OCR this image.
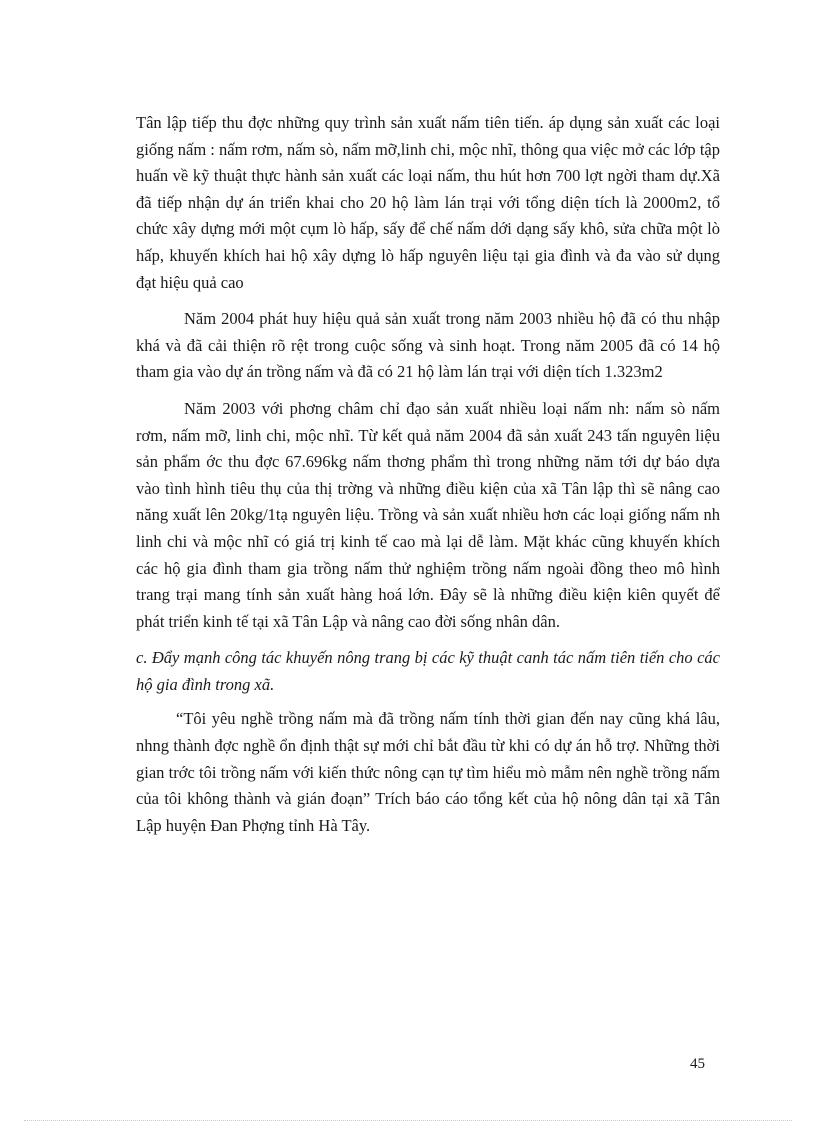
Tân lập tiếp thu đợc những quy trình sản xuất nấm tiên tiến. áp dụng sản xuất các loại giống nấm : nấm rơm, nấm sò, nấm mỡ,linh chi, mộc nhĩ, thông qua việc mở các lớp tập huấn về kỹ thuật thực hành sản xuất các loại nấm, thu hút hơn 700 lợt ngời tham dự.Xã đã tiếp nhận dự án triển khai cho 20 hộ làm lán trại với tổng diện tích là 2000m2, tổ chức xây dựng mới một cụm lò hấp, sấy để chế nấm dới dạng sấy khô, sửa chữa một lò hấp, khuyến khích hai hộ xây dựng lò hấp nguyên liệu tại gia đình và đa vào sử dụng đạt hiệu quả cao

Năm 2004 phát huy hiệu quả sản xuất trong năm 2003 nhiều hộ đã có thu nhập khá và đã cải thiện rõ rệt trong cuộc sống và sinh hoạt. Trong năm 2005 đã có 14 hộ tham gia vào dự án trồng nấm và đã có 21 hộ làm lán trại với diện tích 1.323m2

Năm 2003 với phơng châm chỉ đạo sản xuất nhiều loại nấm nh: nấm sò nấm rơm, nấm mỡ, linh chi, mộc nhĩ. Từ kết quả năm 2004 đã sản xuất 243 tấn nguyên liệu sản phẩm ớc thu đợc 67.696kg nấm thơng phẩm thì trong những năm tới dự báo dựa vào tình hình tiêu thụ của thị trờng và những điều kiện của xã Tân lập thì sẽ nâng cao năng xuất lên 20kg/1tạ nguyên liệu. Trồng và sản xuất nhiều hơn các loại giống nấm nh linh chi và mộc nhĩ có giá trị kinh tế cao mà lại dễ làm. Mặt khác cũng khuyến khích các hộ gia đình tham gia trồng nấm thử nghiệm trồng nấm ngoài đồng theo mô hình trang trại mang tính sản xuất hàng hoá lớn. Đây sẽ là những điều kiện kiên quyết để phát triển kinh tế tại xã Tân Lập và nâng cao đời sống nhân dân.

c. Đẩy mạnh công tác khuyến nông trang bị các kỹ thuật canh tác nấm tiên tiến cho các hộ gia đình trong xã.

“Tôi yêu nghề trồng nấm mà đã trồng nấm tính thời gian đến nay cũng khá lâu, nhng thành đợc nghề ổn định thật sự mới chỉ bắt đầu từ khi có dự án hỗ trợ. Những thời gian trớc tôi trồng nấm với kiến thức nông cạn tự tìm hiểu mò mẫm nên nghề trồng nấm của tôi không thành và gián đoạn” Trích báo cáo tổng kết của hộ nông dân tại xã Tân Lập huyện Đan Phợng tỉnh Hà Tây.

45
